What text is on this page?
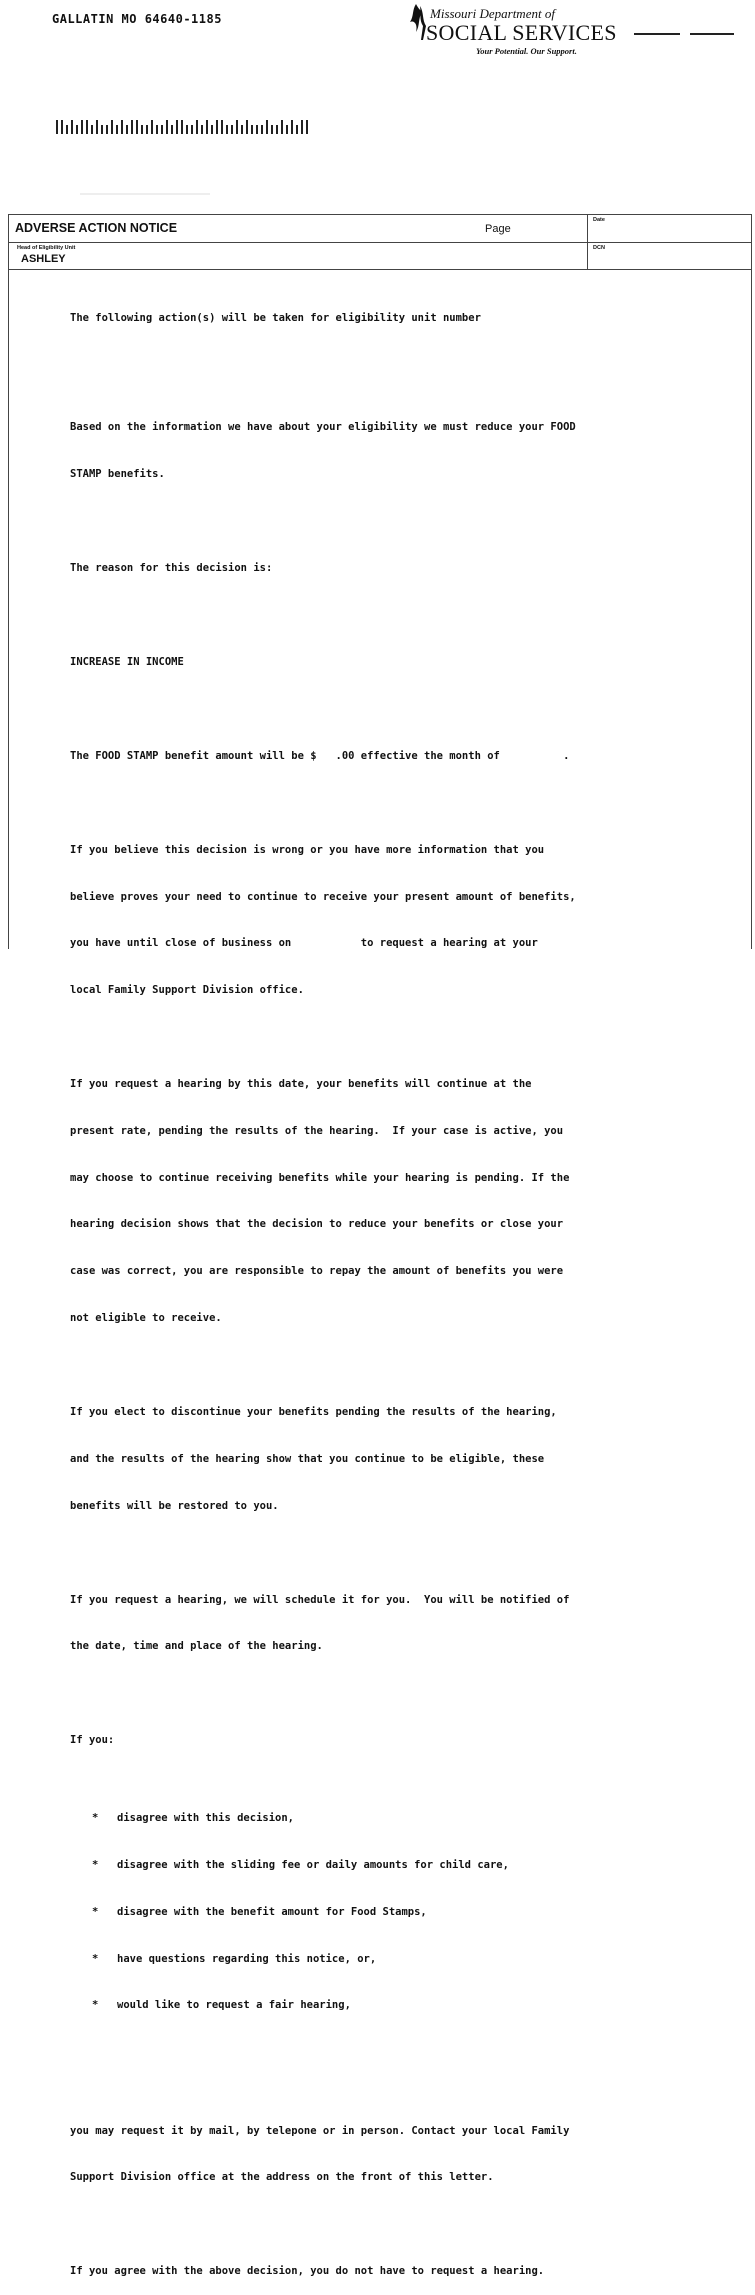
GALLATIN MO 64640-1185	Missouri Department of
SOCIAL SERVICES
Your Potential. Our Support.
ADVERSE ACTION NOTICE	Page
Date
Head of Eligibility Unit
ASHLEY
DCN

The following action(s) will be taken for eligibility unit number

Based on the information we have about your eligibility we must reduce your FOOD

STAMP benefits.

The reason for this decision is:

INCREASE IN INCOME

The FOOD STAMP benefit amount will be $   .00 effective the month of          .

If you believe this decision is wrong or you have more information that you

believe proves your need to continue to receive your present amount of benefits,

you have until close of business on           to request a hearing at your

local Family Support Division office.

If you request a hearing by this date, your benefits will continue at the

present rate, pending the results of the hearing.  If your case is active, you

may choose to continue receiving benefits while your hearing is pending. If the

hearing decision shows that the decision to reduce your benefits or close your

case was correct, you are responsible to repay the amount of benefits you were

not eligible to receive.

If you elect to discontinue your benefits pending the results of the hearing,

and the results of the hearing show that you continue to be eligible, these

benefits will be restored to you.

If you request a hearing, we will schedule it for you.  You will be notified of

the date, time and place of the hearing.

If you:

* disagree with this decision,

* disagree with the sliding fee or daily amounts for child care,

* disagree with the benefit amount for Food Stamps,

* have questions regarding this notice, or,

* would like to request a fair hearing,

you may request it by mail, by telepone or in person. Contact your local Family

Support Division office at the address on the front of this letter.

If you agree with the above decision, you do not have to request a hearing.
